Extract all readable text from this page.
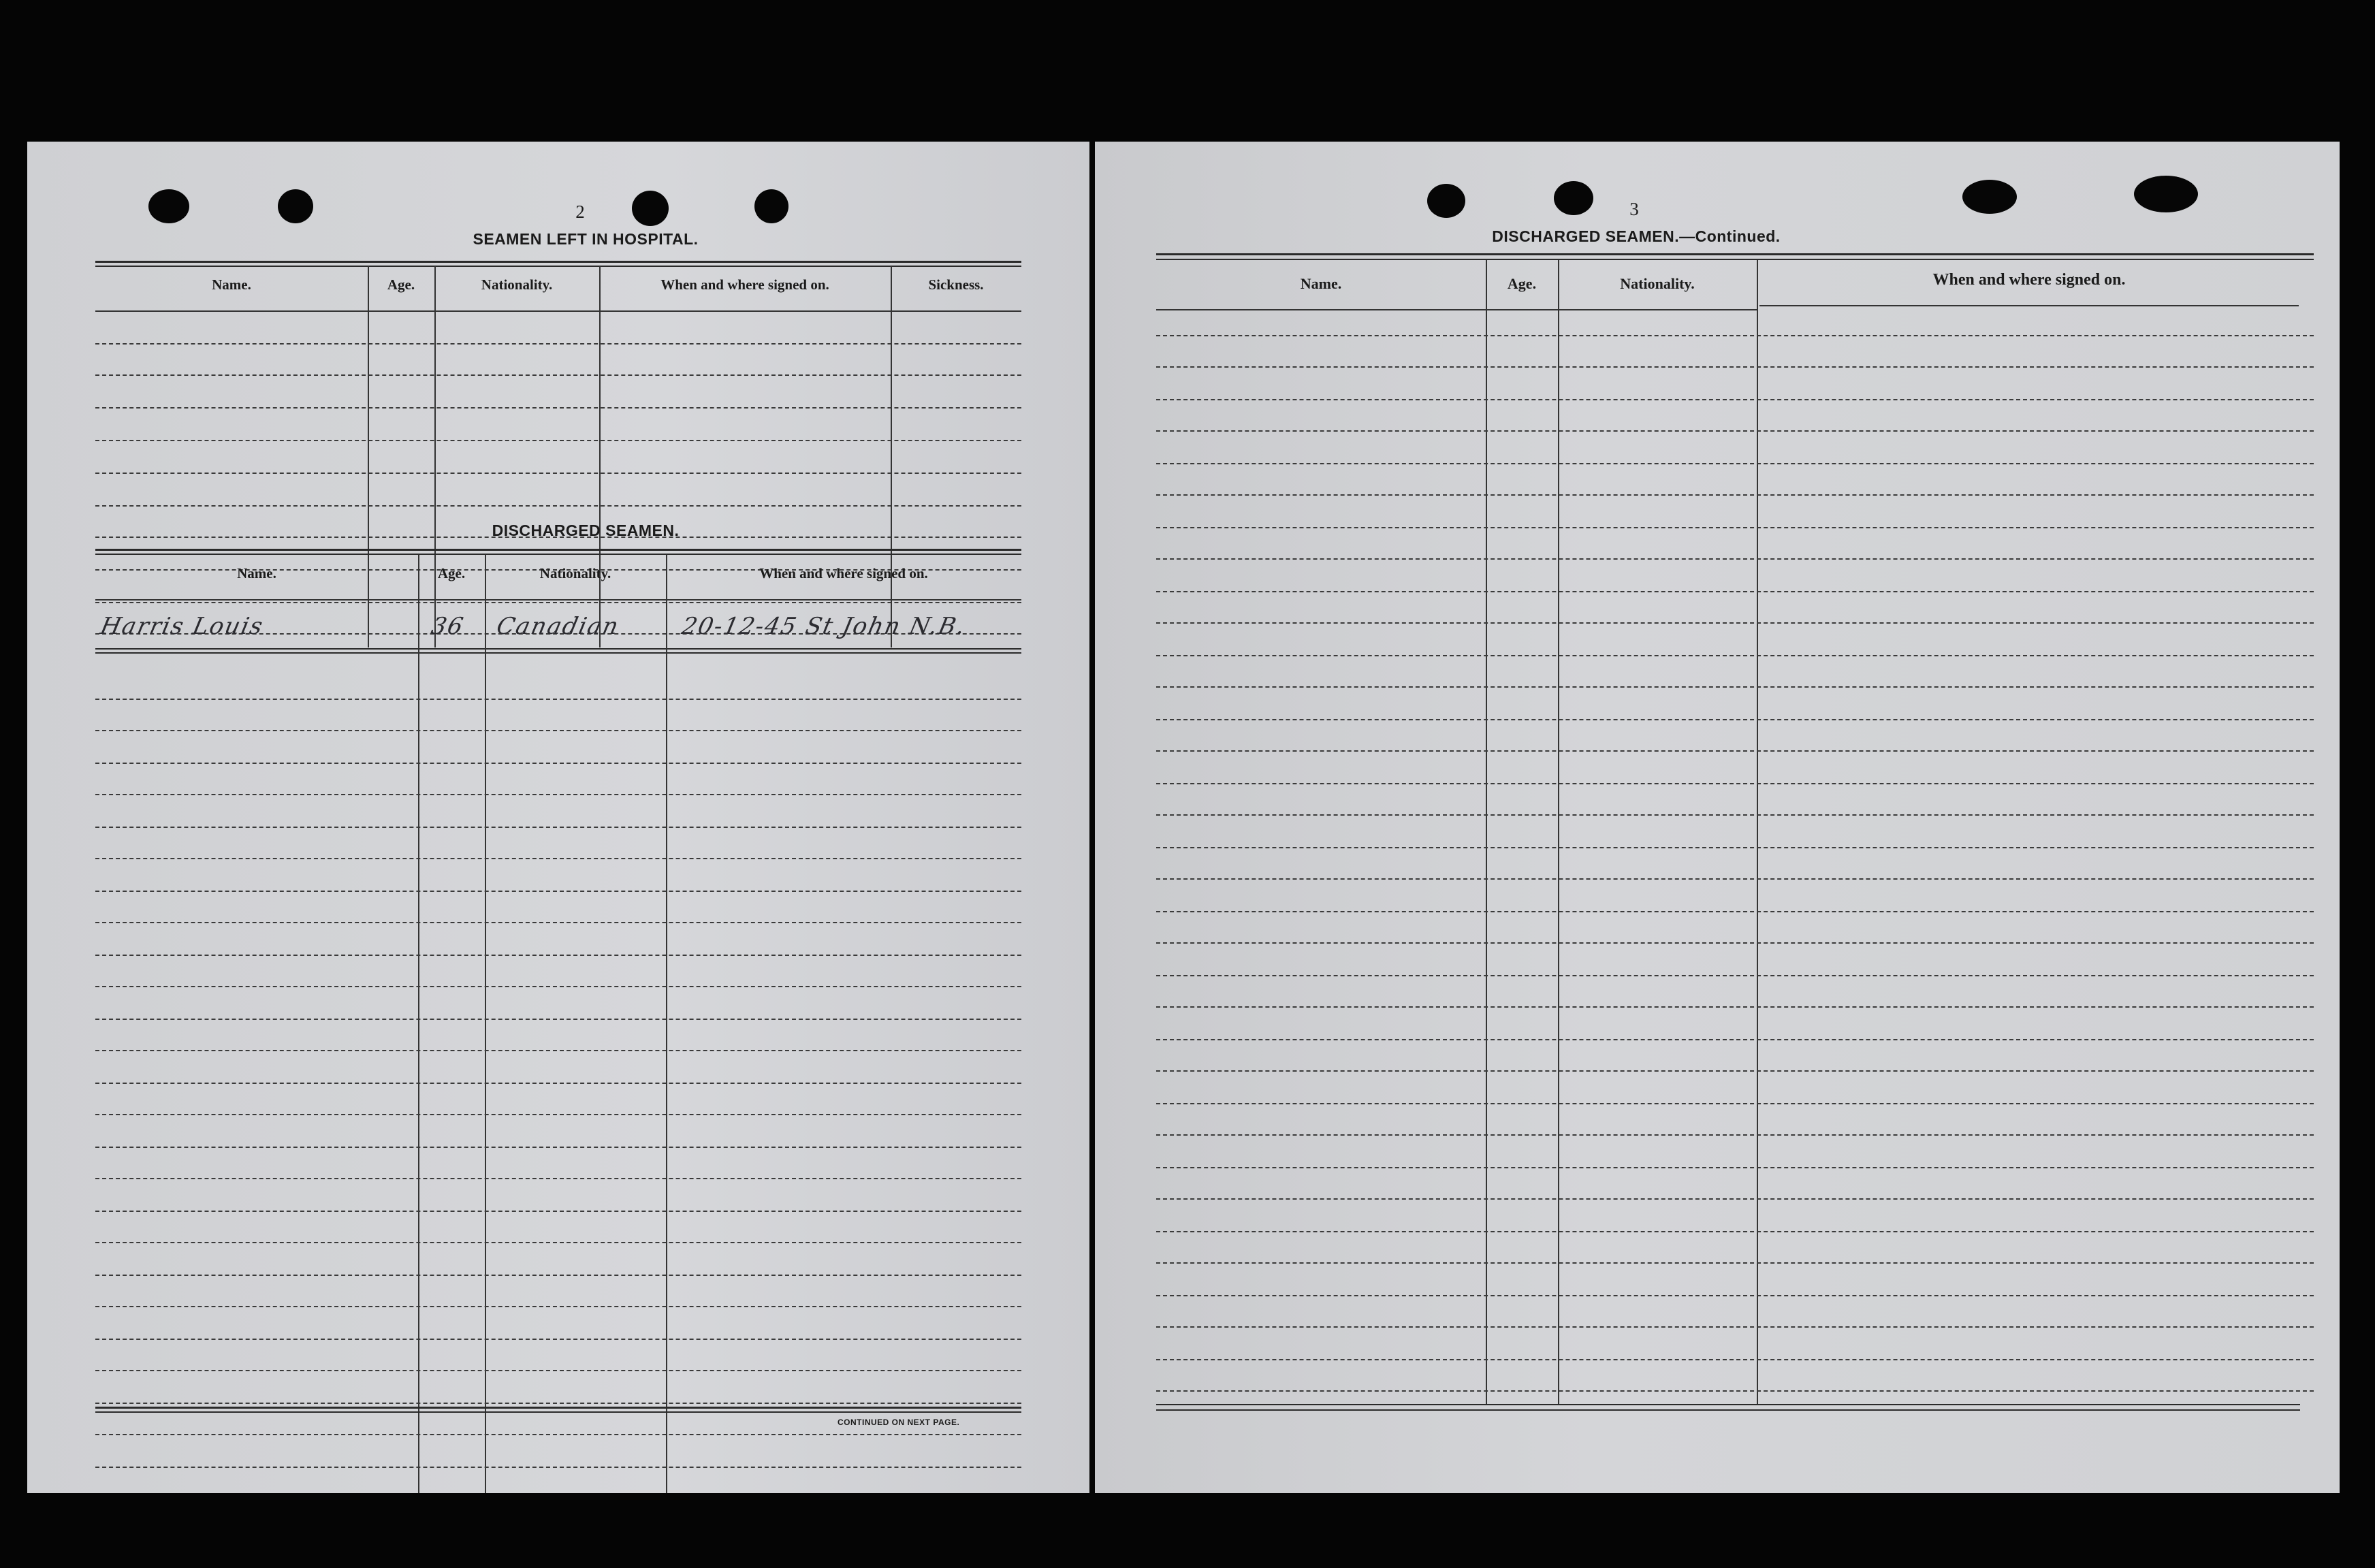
2
SEAMEN LEFT IN HOSPITAL.
Name.	Age.	Nationality.	When and where signed on.	Sickness.
DISCHARGED SEAMEN.
Name.	Age.	Nationality.	When and where signed on.
Harris Louis	36 Canadian 20-12-45 St John N.B.
CONTINUED ON NEXT PAGE.
3
DISCHARGED SEAMEN.—Continued.
Name.	Age.	Nationality.	When and where signed on.
